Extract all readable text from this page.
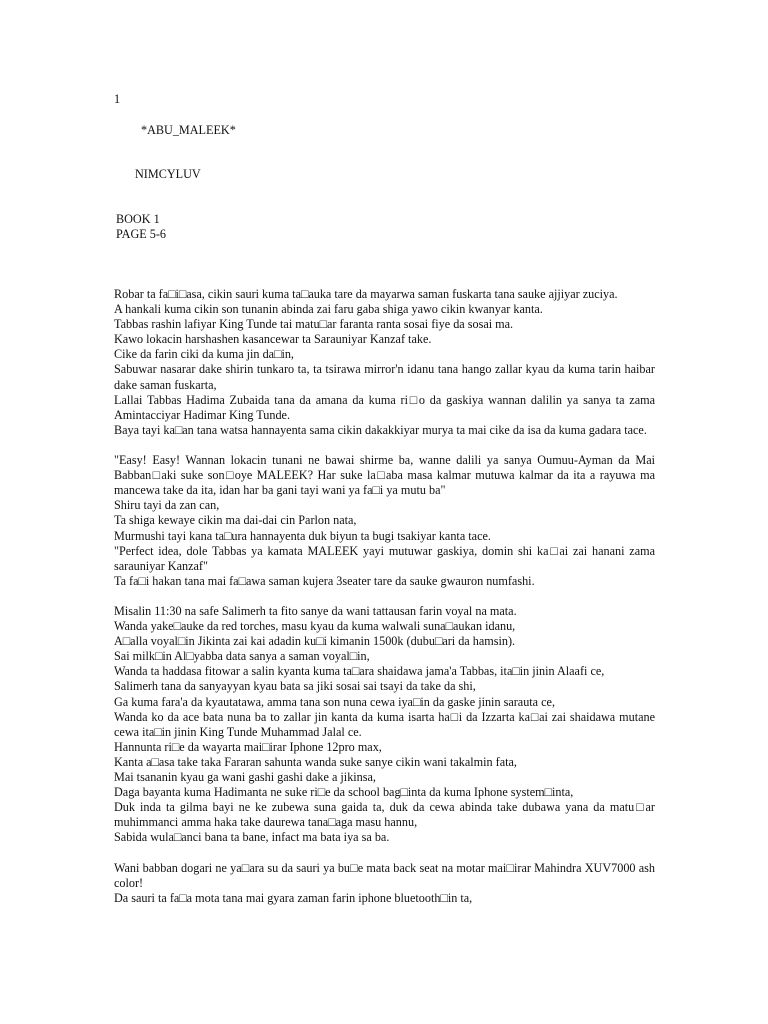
1
*ABU_MALEEK*
NIMCYLUV
BOOK 1
PAGE 5-6

Robar ta fa□i□asa, cikin sauri kuma ta□auka tare da mayarwa saman fuskarta tana sauke ajjiyar zuciya.
A hankali kuma cikin son tunanin abinda zai faru gaba shiga yawo cikin kwanyar kanta.
Tabbas rashin lafiyar King Tunde tai matu□ar faranta ranta sosai fiye da sosai ma.
Kawo lokacin harshashen kasancewar ta Sarauniyar Kanzaf take.
Cike da farin ciki da kuma jin da□in,
Sabuwar nasarar dake shirin tunkaro ta, ta tsirawa mirror'n idanu tana hango zallar kyau da kuma tarin haibar dake saman fuskarta,
Lallai Tabbas Hadima Zubaida tana da amana da kuma ri□o da gaskiya wannan dalilin ya sanya ta zama Amintacciyar Hadimar King Tunde.
Baya tayi ka□an tana watsa hannayenta sama cikin dakakkiyar murya ta mai cike da isa da kuma gadara tace.

"Easy! Easy! Wannan lokacin tunani ne bawai shirme ba, wanne dalili ya sanya Oumuu-Ayman da Mai Babban□aki suke son□oye MALEEK? Har suke la□aba masa kalmar mutuwa kalmar da ita a rayuwa ma mancewa take da ita, idan har ba gani tayi wani ya fa□i ya mutu ba"
Shiru tayi da zan can,
Ta shiga kewaye cikin ma dai-dai cin Parlon nata,
Murmushi tayi kana ta□ura hannayenta duk biyun ta bugi tsakiyar kanta tace.
"Perfect idea, dole Tabbas ya kamata MALEEK yayi mutuwar gaskiya, domin shi ka□ai zai hanani zama sarauniyar Kanzaf"
Ta fa□i hakan tana mai fa□awa saman kujera 3seater tare da sauke gwauron numfashi.

Misalin 11:30 na safe Salimerh ta fito sanye da wani tattausan farin voyal na mata.
Wanda yake□auke da red torches, masu kyau da kuma walwali suna□aukan idanu,
A□alla voyal□in Jikinta zai kai adadin ku□i kimanin 1500k (dubu□ari da hamsin).
Sai milk□in Al□yabba data sanya a saman voyal□in,
Wanda ta haddasa fitowar a salin kyanta kuma ta□ara shaidawa jama'a Tabbas, ita□in jinin Alaafi ce,
Salimerh tana da sanyayyan kyau bata sa jiki sosai sai tsayi da take da shi,
Ga kuma fara'a da kyautatawa, amma tana son nuna cewa iya□in da gaske jinin sarauta ce,
Wanda ko da ace bata nuna ba to zallar jin kanta da kuma isarta ha□i da Izzarta ka□ai zai shaidawa mutane cewa ita□in jinin King Tunde Muhammad Jalal ce.
Hannunta ri□e da wayarta mai□irar Iphone 12pro max,
Kanta a□asa take taka Fararan sahunta wanda suke sanye cikin wani takalmin fata,
Mai tsananin kyau ga wani gashi gashi dake a jikinsa,
Daga bayanta kuma Hadimanta ne suke ri□e da school bag□inta da kuma Iphone system□inta,
Duk inda ta gilma bayi ne ke zubewa suna gaida ta, duk da cewa abinda take dubawa yana da matu□ar muhimmanci amma haka take daurewa tana□aga masu hannu,
Sabida wula□anci bana ta bane, infact ma bata iya sa ba.

Wani babban dogari ne ya□ara su da sauri ya bu□e mata back seat na motar mai□irar Mahindra XUV7000 ash color!
Da sauri ta fa□a mota tana mai gyara zaman farin iphone bluetooth□in ta,
